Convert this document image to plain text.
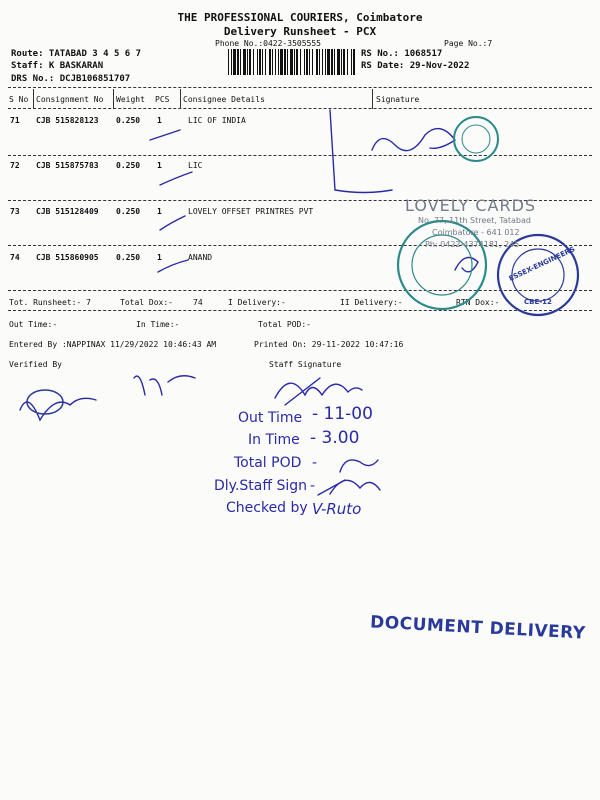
THE PROFESSIONAL COURIERS, Coimbatore
Delivery Runsheet - PCX
Phone No.:0422-3505555	Page No.:7
Route: TATABAD 3 4 5 6 7
Staff: K BASKARAN
DRS No.: DCJB106851707
RS No.: 1068517
RS Date: 29-Nov-2022
S No Consignment No Weight PCS Consignee Details	Signature
71 CJB 515828123 0.250 1	LIC OF INDIA
72 CJB 515875783 0.250 1	LIC
73 CJB 515128409 0.250 1	LOVELY OFFSET PRINTRES PVT
74 CJB 515860905 0.250 1	ANAND
Tot. Runsheet:- 7	Total Dox:-	74	I Delivery:-	II Delivery:-	RTN Dox:-
Out Time:-	In Time:-	Total POD:-
Entered By :NAPPINAX 11/29/2022 10:46:43 AM	Printed On: 29-11-2022 10:47:16
Verified By	Staff Signature
LOVELY CARDS
No. 77, 11th Street, Tatabad
Coimbatore - 641 012
Ph: 0422-4374181, 245
ESSEX-ENGINEERS
CBE-12
Out Time - 11-00
In Time - 3.00
Total POD -
Dly.Staff Sign -
Checked by V-Ruto
DOCUMENT DELIVERY
